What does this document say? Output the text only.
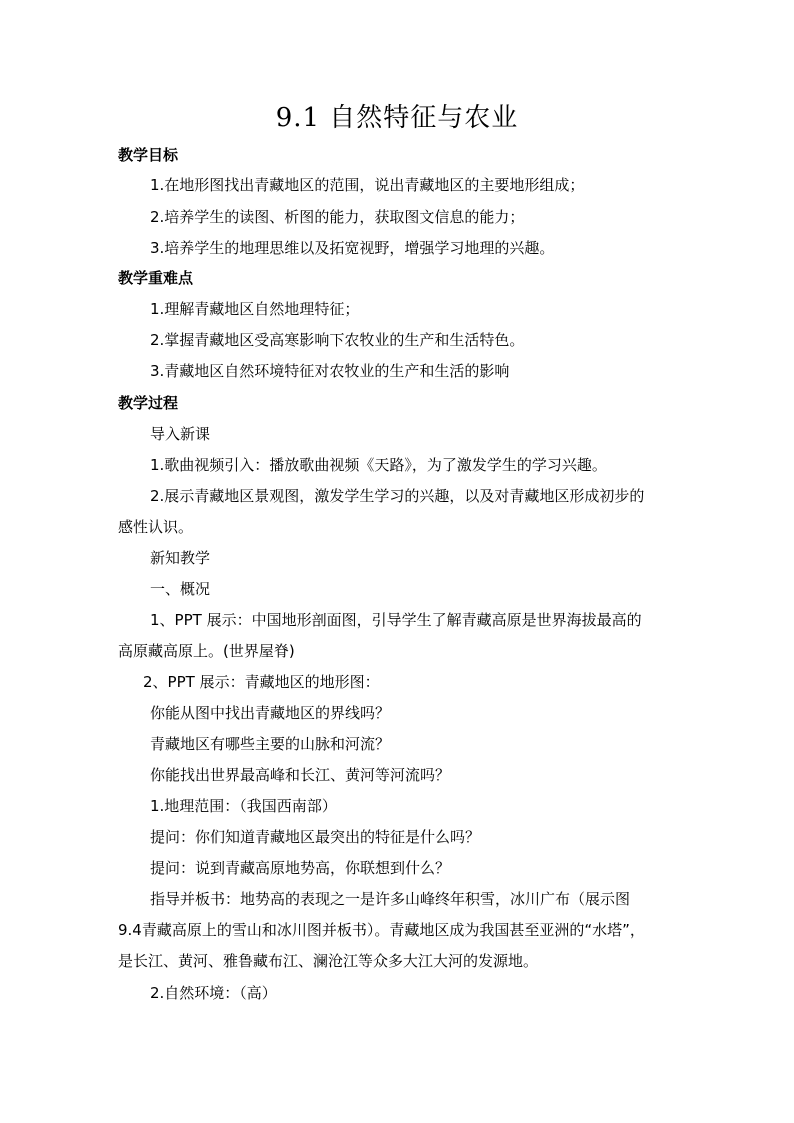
9.1 自然特征与农业
教学目标
1.在地形图找出青藏地区的范围，说出青藏地区的主要地形组成；
2.培养学生的读图、析图的能力，获取图文信息的能力；
3.培养学生的地理思维以及拓宽视野，增强学习地理的兴趣。
教学重难点
1.理解青藏地区自然地理特征；
2.掌握青藏地区受高寒影响下农牧业的生产和生活特色。
3.青藏地区自然环境特征对农牧业的生产和生活的影响
教学过程
导入新课
1.歌曲视频引入：播放歌曲视频《天路》，为了激发学生的学习兴趣。
2.展示青藏地区景观图，激发学生学习的兴趣，以及对青藏地区形成初步的
感性认识。
新知教学
一、概况
1、PPT 展示：中国地形剖面图，引导学生了解青藏高原是世界海拔最高的
高原藏高原上。(世界屋脊)
2、PPT 展示：青藏地区的地形图：
你能从图中找出青藏地区的界线吗？
青藏地区有哪些主要的山脉和河流？
你能找出世界最高峰和长江、黄河等河流吗？
1.地理范围：（我国西南部）
提问：你们知道青藏地区最突出的特征是什么吗？
提问：说到青藏高原地势高，你联想到什么？
指导并板书：地势高的表现之一是许多山峰终年积雪，冰川广布（展示图
9.4青藏高原上的雪山和冰川图并板书）。青藏地区成为我国甚至亚洲的“水塔”，
是长江、黄河、雅鲁藏布江、澜沧江等众多大江大河的发源地。
2.自然环境：（高）
